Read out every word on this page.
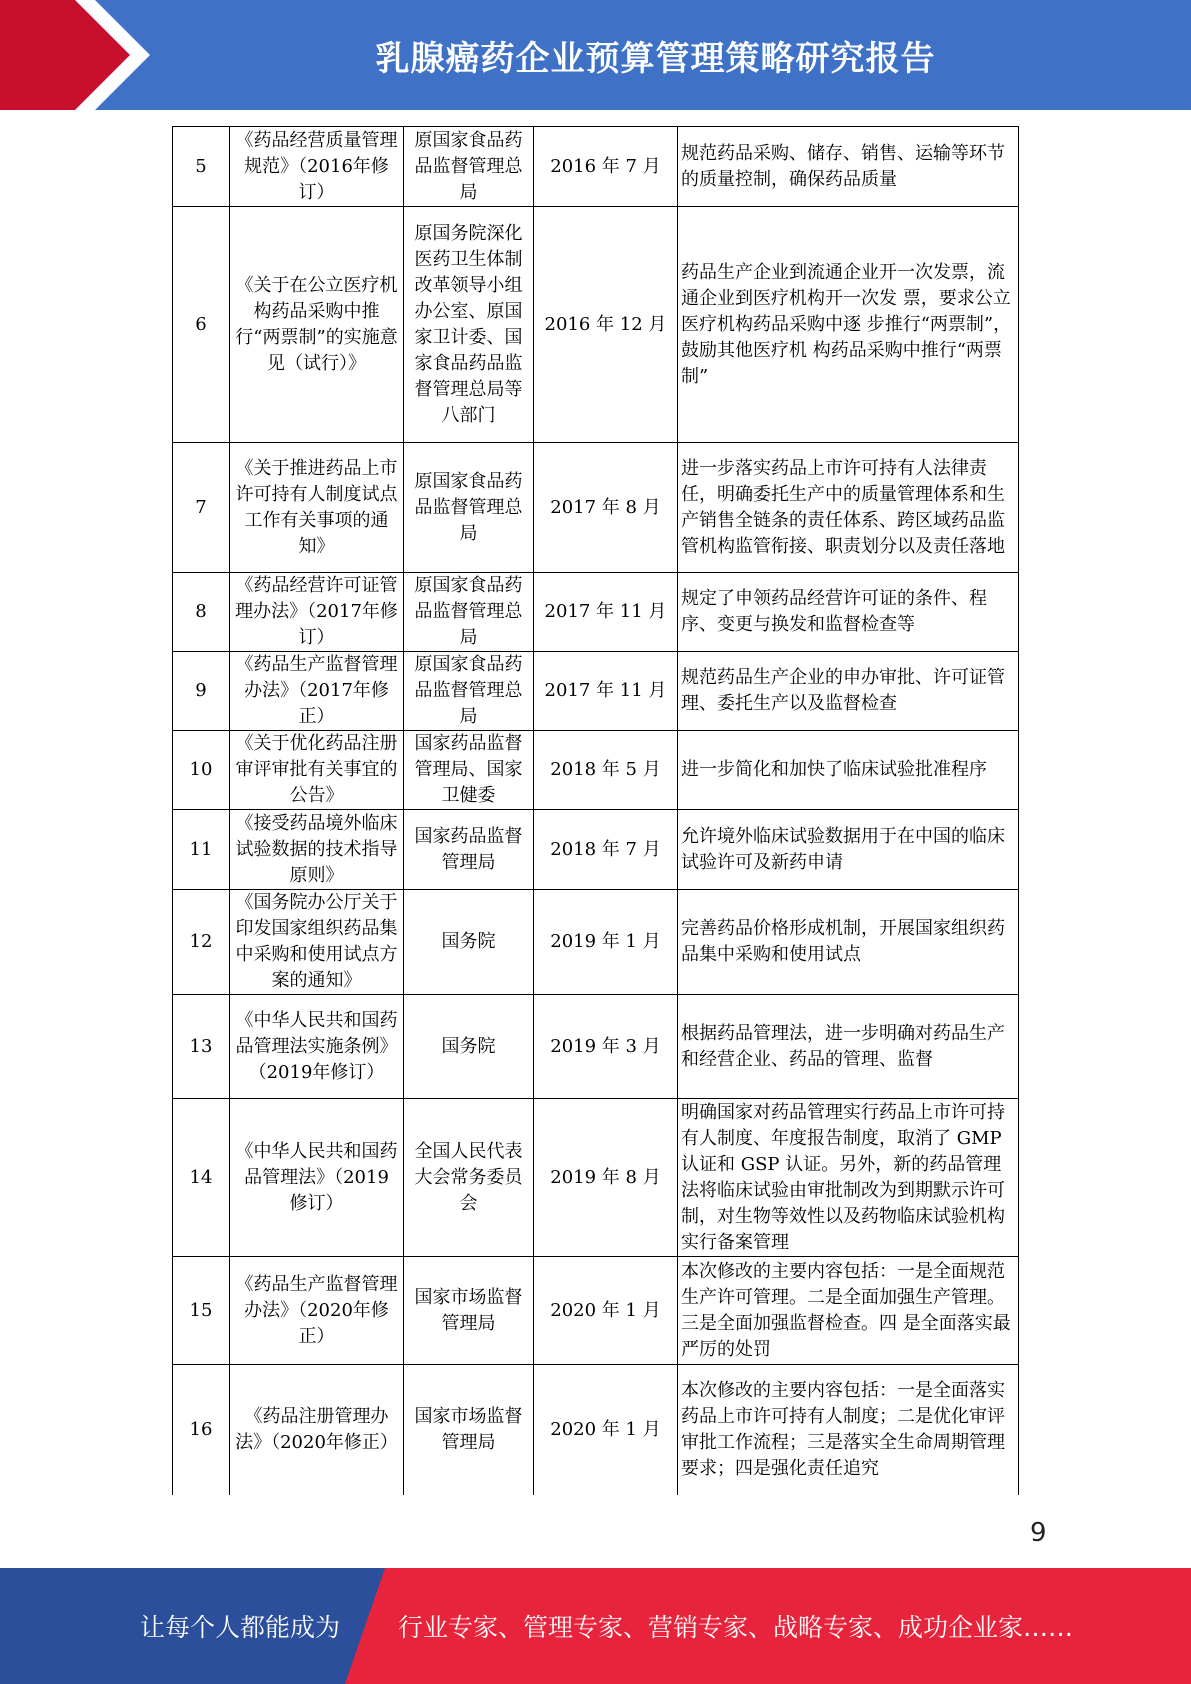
乳腺癌药企业预算管理策略研究报告
5	《药品经营质量管理规范》（2016年修订）	原国家食品药品监督管理总局	2016 年 7 月	规范药品采购、储存、销售、运输等环节的质量控制，确保药品质量
6	《关于在公立医疗机构药品采购中推行“两票制”的实施意见（试行）》	原国务院深化医药卫生体制改革领导小组办公室、原国家卫计委、国家食品药品监督管理总局等八部门	2016 年 12 月	药品生产企业到流通企业开一次发票，流通企业到医疗机构开一次发 票，要求公立医疗机构药品采购中逐 步推行“两票制”，鼓励其他医疗机 构药品采购中推行“两票制”
7	《关于推进药品上市许可持有人制度试点工作有关事项的通知》	原国家食品药品监督管理总局	2017 年 8 月	进一步落实药品上市许可持有人法律责任，明确委托生产中的质量管理体系和生产销售全链条的责任体系、跨区域药品监管机构监管衔接、职责划分以及责任落地
8	《药品经营许可证管理办法》（2017年修订）	原国家食品药品监督管理总局	2017 年 11 月	规定了申领药品经营许可证的条件、程序、变更与换发和监督检查等
9	《药品生产监督管理办法》（2017年修正）	原国家食品药品监督管理总局	2017 年 11 月	规范药品生产企业的申办审批、许可证管理、委托生产以及监督检查
10	《关于优化药品注册审评审批有关事宜的公告》	国家药品监督管理局、国家卫健委	2018 年 5 月	进一步简化和加快了临床试验批准程序
11	《接受药品境外临床试验数据的技术指导原则》	国家药品监督管理局	2018 年 7 月	允许境外临床试验数据用于在中国的临床试验许可及新药申请
12	《国务院办公厅关于印发国家组织药品集中采购和使用试点方案的通知》	国务院	2019 年 1 月	完善药品价格形成机制，开展国家组织药品集中采购和使用试点
13	《中华人民共和国药品管理法实施条例》（2019年修订）	国务院	2019 年 3 月	根据药品管理法，进一步明确对药品生产和经营企业、药品的管理、监督
14	《中华人民共和国药品管理法》（2019 修订）	全国人民代表大会常务委员会	2019 年 8 月	明确国家对药品管理实行药品上市许可持有人制度、年度报告制度，取消了 GMP 认证和 GSP 认证。另外，新的药品管理法将临床试验由审批制改为到期默示许可制，对生物等效性以及药物临床试验机构实行备案管理
15	《药品生产监督管理办法》（2020年修正）	国家市场监督管理局	2020 年 1 月	本次修改的主要内容包括：一是全面规范生产许可管理。二是全面加强生产管理。三是全面加强监督检查。四 是全面落实最严厉的处罚
16	《药品注册管理办法》（2020年修正）	国家市场监督管理局	2020 年 1 月	本次修改的主要内容包括：一是全面落实药品上市许可持有人制度；二是优化审评审批工作流程；三是落实全生命周期管理要求；四是强化责任追究
9
让每个人都能成为 行业专家、管理专家、营销专家、战略专家、成功企业家……
